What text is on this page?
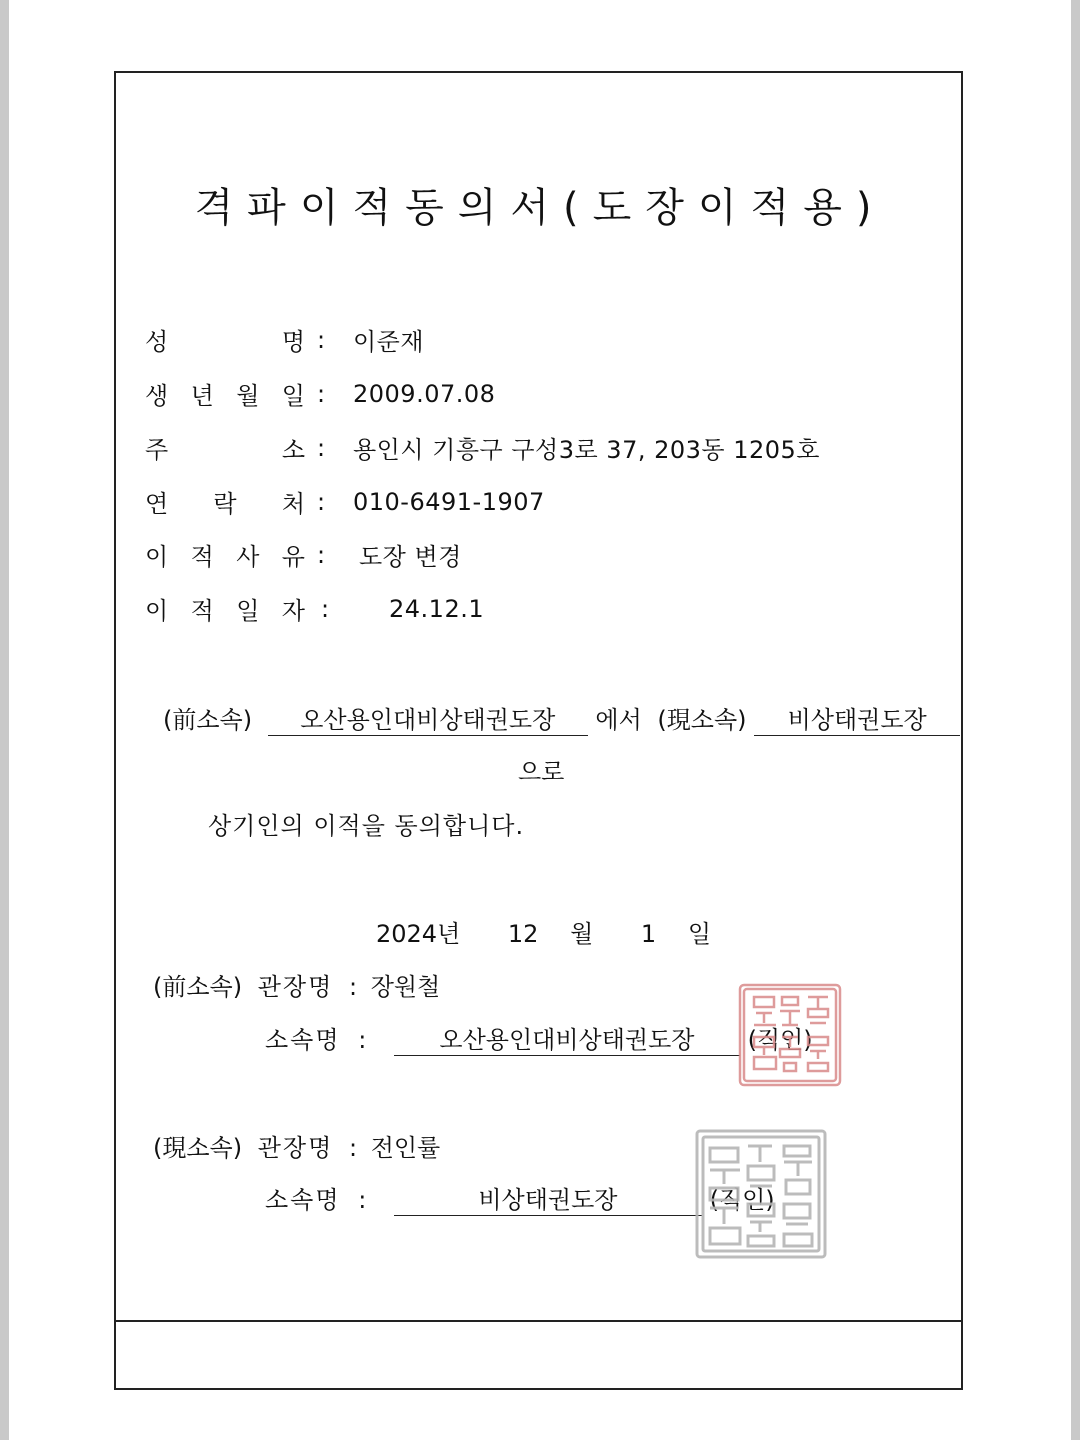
격파이적동의서(도장이적용)
성	명 :	이준재
생 년 월 일 :	2009.07.08
주	소 :	용인시 기흥구 구성3로 37, 203동 1205호
연 락 처 :	010-6491-1907
이 적 사 유 :	도장 변경
이 적 일 자 :	24.12.1
(前소속) 오산용인대비상태권도장 에서 (現소속) 비상태권도장
으로
상기인의 이적을 동의합니다.
2024년 12 월 1 일
(前소속) 관장명 : 장원철
소속명 :	오산용인대비상태권도장 (직인)
(現소속) 관장명 : 전인률
소속명 :	비상태권도장	(직인)
